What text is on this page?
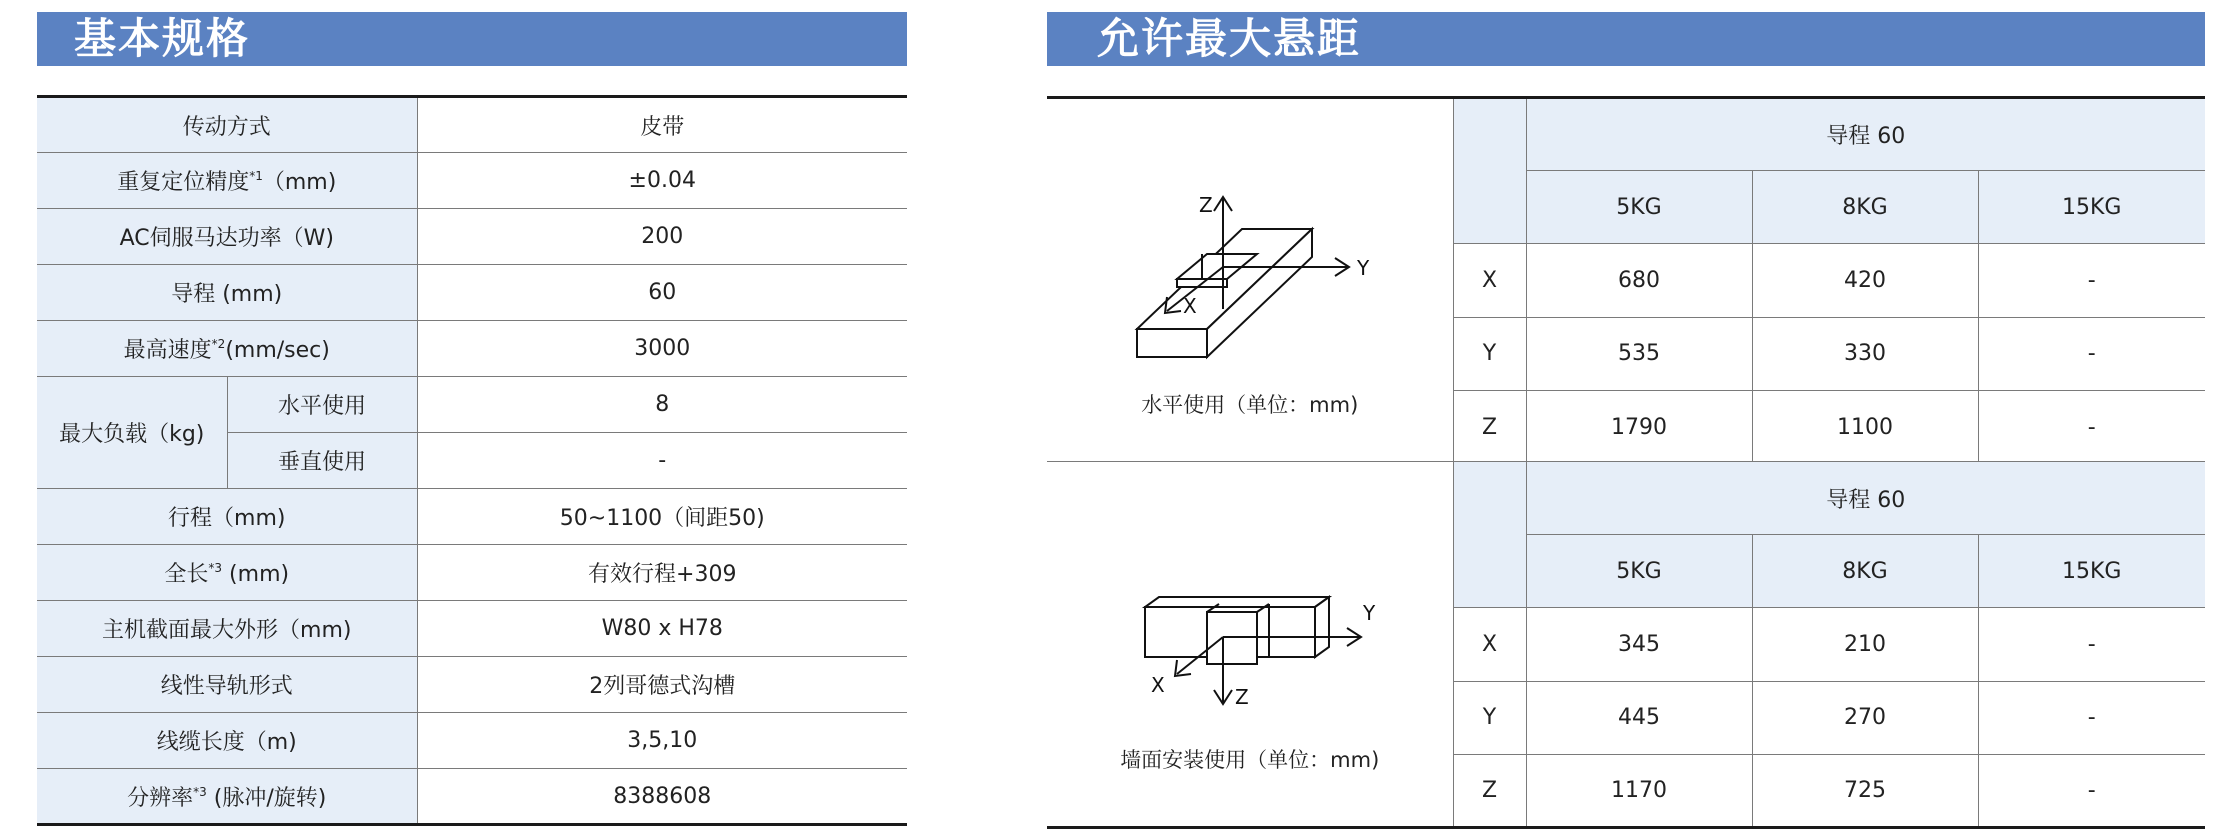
基本规格
传动方式		皮带
重复定位精度$^{*1}$（mm)		±0.04
AC伺服马达功率（W)		200
导程 (mm)		60
最高速度$^{*2}$(mm/sec)		3000
最大负载（kg)	水平使用	8
	垂直使用	-
行程（mm)		50~1100（间距50)
全长$^{*3}$ (mm)		有效行程+309
主机截面最大外形（mm)		W80 x H78
线性导轨形式		2列哥德式沟槽
线缆长度（m)		3,5,10
分辨率$^{*3}$ (脉冲/旋转)		8388608
允许最大悬距
Z
Y
X
水平使用（单位：mm)		导程 60		
		5KG	8KG	15KG
	X	680	420	-
	Y	535	330	-
	Z	1790	1100	-
Y
X Z
墙面安装使用（单位：mm)		导程 60		
		5KG	8KG	15KG
	X	345	210	-
	Y	445	270	-
	Z	1170	725	-
